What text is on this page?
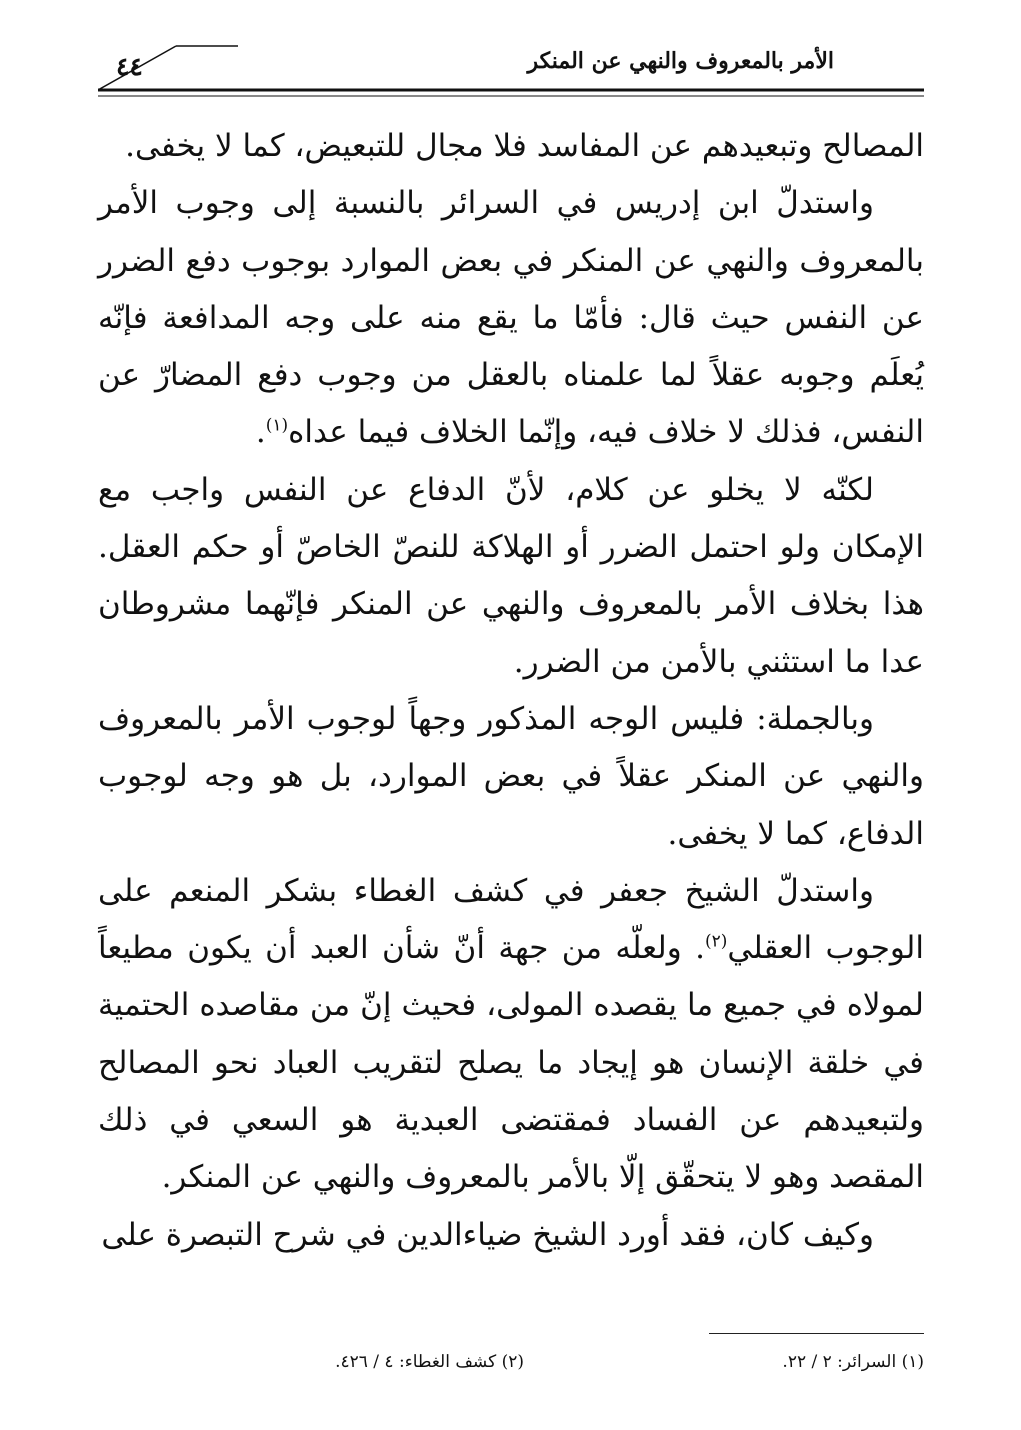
الأمر بالمعروف والنهي عن المنكر
٤٤

المصالح وتبعيدهم عن المفاسد فلا مجال للتبعيض، كما لا يخفى.

واستدلّ ابن إدريس في السرائر بالنسبة إلى وجوب الأمر بالمعروف والنهي عن المنكر في بعض الموارد بوجوب دفع الضرر عن النفس حيث قال: فأمّا ما يقع منه على وجه المدافعة فإنّه يُعلَم وجوبه عقلاً لما علمناه بالعقل من وجوب دفع المضارّ عن النفس، فذلك لا خلاف فيه، وإنّما الخلاف فيما عداه$^{(١)}$.

لكنّه لا يخلو عن كلام، لأنّ الدفاع عن النفس واجب مع الإمكان ولو احتمل الضرر أو الهلاكة للنصّ الخاصّ أو حكم العقل. هذا بخلاف الأمر بالمعروف والنهي عن المنكر فإنّهما مشروطان عدا ما استثني بالأمن من الضرر.

وبالجملة: فليس الوجه المذكور وجهاً لوجوب الأمر بالمعروف والنهي عن المنكر عقلاً في بعض الموارد، بل هو وجه لوجوب الدفاع، كما لا يخفى.

واستدلّ الشيخ جعفر في كشف الغطاء بشكر المنعم على الوجوب العقلي$^{(٢)}$. ولعلّه من جهة أنّ شأن العبد أن يكون مطيعاً لمولاه في جميع ما يقصده المولى، فحيث إنّ من مقاصده الحتمية في خلقة الإنسان هو إيجاد ما يصلح لتقريب العباد نحو المصالح ولتبعيدهم عن الفساد فمقتضى العبدية هو السعي في ذلك المقصد وهو لا يتحقّق إلّا بالأمر بالمعروف والنهي عن المنكر.

وكيف كان، فقد أورد الشيخ ضياءالدين في شرح التبصرة على

(١) السرائر: ٢ / ٢٢.
(٢) كشف الغطاء: ٤ / ٤٢٦.
